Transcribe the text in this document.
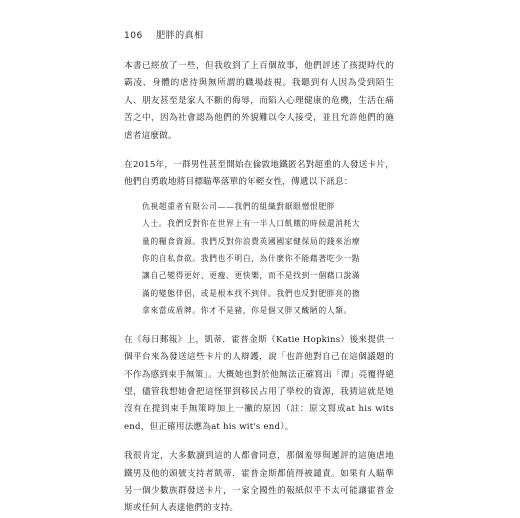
106 肥胖的真相

本書已經放了一些，但我收到了上百個故事，他們評述了孩提時代的霸凌、身體的虐待與無所謂的職場歧視。我聽到有人因為受到陌生人、朋友甚至是家人不斷的侮辱，而陷入心理健康的危機，生活在痛苦之中，因為社會認為他們的外貌難以令人接受，並且允許他們的施虐者這麼做。

在2015年，一群男性甚至開始在倫敦地鐵匿名對超重的人發送卡片，他們自勇敢地將目標瞄準落單的年輕女性，傳遞以下訊息：

仇視超重者有限公司——我們的組織對厭眼憎恨肥胖

人士。我們反對你在世界上有一半人口飢餓的時候還消耗大

量的糧食資源。我們反對你浪費英國國家健保局的錢來治療

你的自私食欲。我們也不明白，為什麼你不能藉著吃少一點

讓自己變得更好、更瘦、更快樂，而不是找到一個藉口說滿

滿的變態伴侶，或是根本找不到伴。我們也反對肥胖亮的擔

拿來當成盾牌。你才不是豬，你是個又胖又醜陋的人類。

在《每日郵報》上，凱蒂．霍普金斯（Katie Hopkins）後來提供一個平台來為發送這些卡片的人辯護，說「也許他對自己在這個議題的不作為感到束手無策」。大概她也對於他無法正確寫出「潭」亮覆得絕望，儘管我想她會把這怪罪到移民占用了學校的資源，我猜這就是她沒有在提到束手無策時加上一撇的原因（註：原文寫成at his wits end，但正確用法應為at his wit's end）。

我很肯定，大多數讀到這的人都會同意，那個羞辱與遲評的這施虐地鐵男及他的頭號支持者凱蒂．霍普金斯都值得被譴責。如果有人瞄準另一個少數族群發送卡片，一家全國性的報紙似乎不太可能讓霍普金斯或任何人表達他們的支持。
